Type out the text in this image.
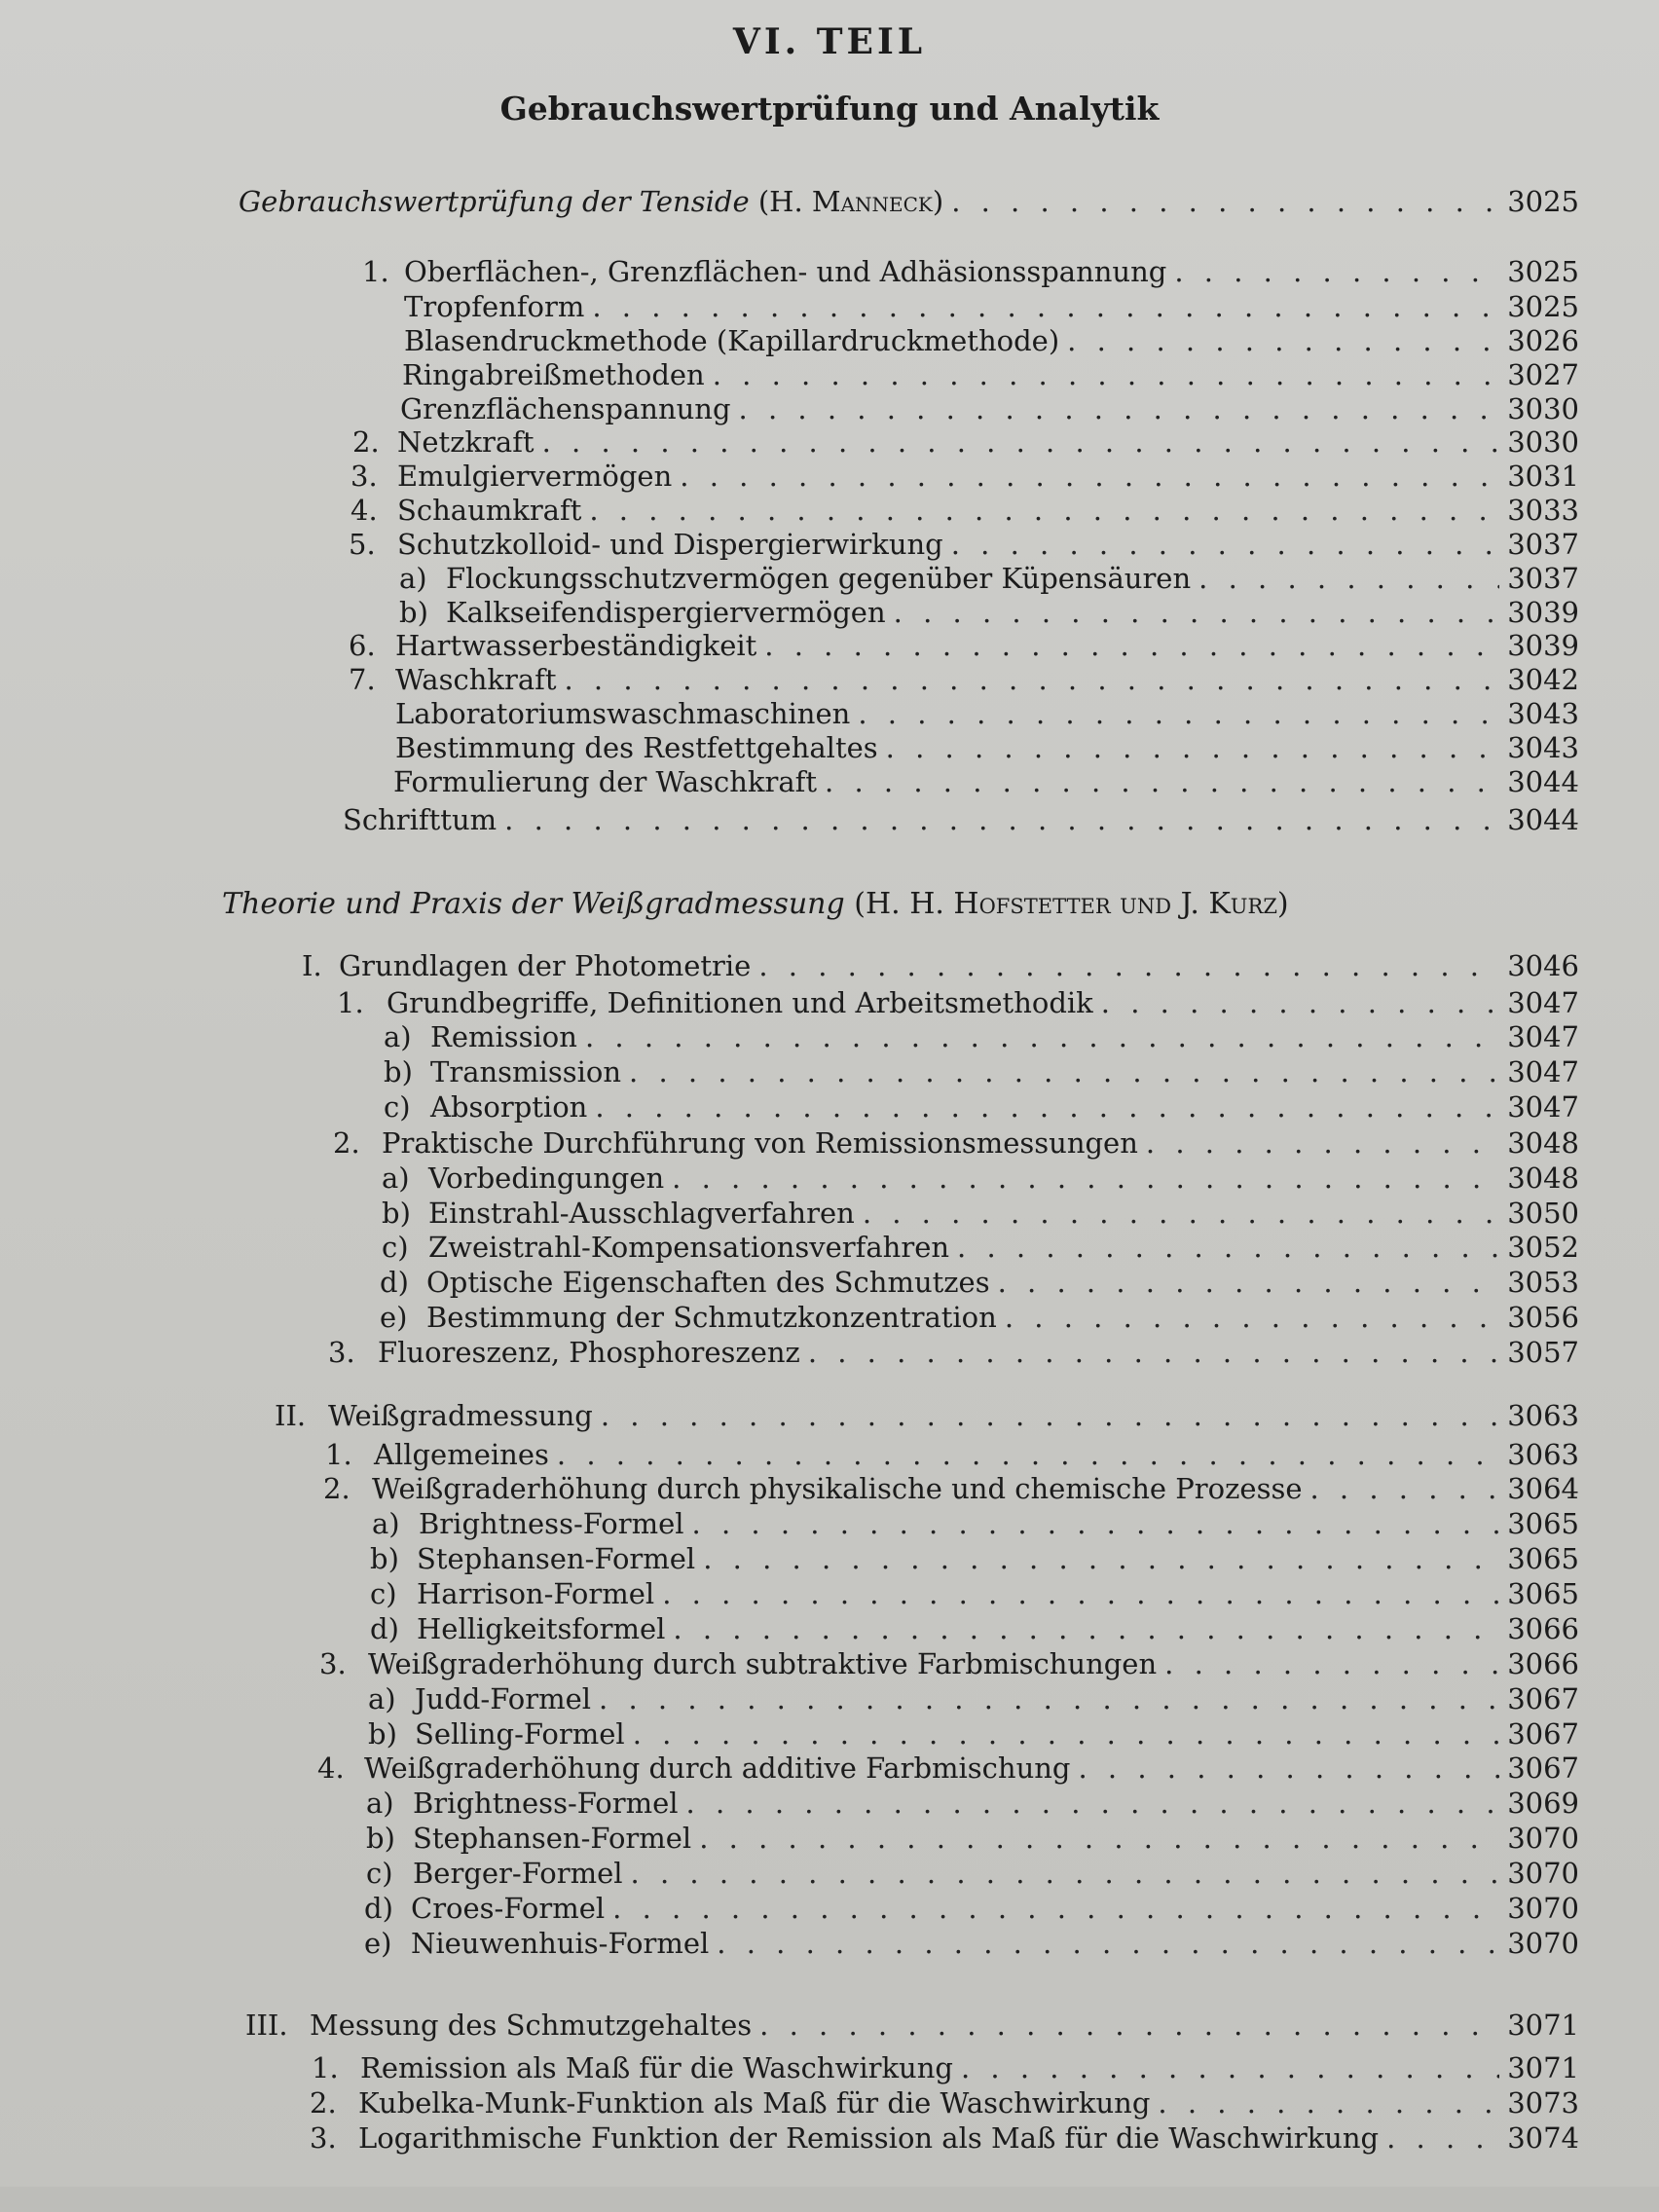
VI. TEIL
Gebrauchswertprüfung und Analytik
Gebrauchswertprüfung der Tenside (H. Manneck) . . .	3025
Theorie und Praxis der Weißgradmessung (H. H. Hofstetter und J. Kurz)
1. Oberflächen-, Grenzflächen- und Adhäsionsspannung . . .	3025
Tropfenform . . .	3025
Blasendruckmethode (Kapillardruckmethode) . . .	3026
Ringabreißmethoden . . .	3027
Grenzflächenspannung . . .	3030
2. Netzkraft . . .	3030
3. Emulgiervermögen . . .	3031
4. Schaumkraft . . .	3033
5. Schutzkolloid- und Dispergierwirkung . . .	3037
a) Flockungsschutzvermögen gegenüber Küpensäuren . . .	3037
b) Kalkseifendispergiervermögen . . .	3039
6. Hartwasserbeständigkeit . . .	3039
7. Waschkraft . . .	3042
Laboratoriumswaschmaschinen . . .	3043
Bestimmung des Restfettgehaltes . . .	3043
Formulierung der Waschkraft . . .	3044
Schrifttum . . .	3044
I. Grundlagen der Photometrie . . .	3046
1. Grundbegriffe, Definitionen und Arbeitsmethodik . . .	3047
a) Remission . . .	3047
b) Transmission . . .	3047
c) Absorption . . .	3047
2. Praktische Durchführung von Remissionsmessungen . . .	3048
a) Vorbedingungen . . .	3048
b) Einstrahl-Ausschlagverfahren . . .	3050
c) Zweistrahl-Kompensationsverfahren . . .	3052
d) Optische Eigenschaften des Schmutzes . . .	3053
e) Bestimmung der Schmutzkonzentration . . .	3056
3. Fluoreszenz, Phosphoreszenz . . .	3057
II. Weißgradmessung . . .	3063
1. Allgemeines . . .	3063
2. Weißgraderhöhung durch physikalische und chemische Prozesse . . .	3064
a) Brightness-Formel . . .	3065
b) Stephansen-Formel . . .	3065
c) Harrison-Formel . . .	3065
d) Helligkeitsformel . . .	3066
3. Weißgraderhöhung durch subtraktive Farbmischungen . . .	3066
a) Judd-Formel . . .	3067
b) Selling-Formel . . .	3067
4. Weißgraderhöhung durch additive Farbmischung . . .	3067
a) Brightness-Formel . . .	3069
b) Stephansen-Formel . . .	3070
c) Berger-Formel . . .	3070
d) Croes-Formel . . .	3070
e) Nieuwenhuis-Formel . . .	3070
III. Messung des Schmutzgehaltes . . .	3071
1. Remission als Maß für die Waschwirkung . . .	3071
2. Kubelka-Munk-Funktion als Maß für die Waschwirkung . . .	3073
3. Logarithmische Funktion der Remission als Maß für die Waschwirkung . . .	3074
